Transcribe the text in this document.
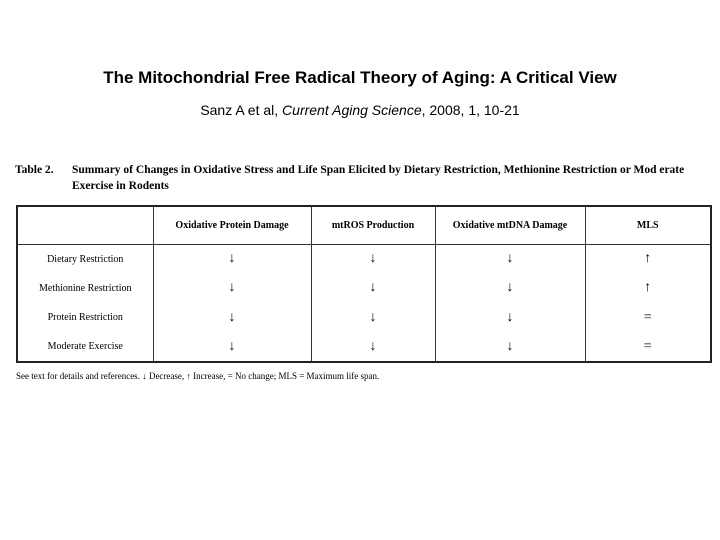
The Mitochondrial Free Radical Theory of Aging: A Critical View
Sanz A et al, Current Aging Science, 2008, 1, 10-21
Table 2. Summary of Changes in Oxidative Stress and Life Span Elicited by Dietary Restriction, Methionine Restriction or Mod erate Exercise in Rodents
	Oxidative Protein Damage	mtROS Production	Oxidative mtDNA Damage	MLS
Dietary Restriction	↓	↓	↓	↑
Methionine Restriction	↓	↓	↓	↑
Protein Restriction	↓	↓	↓	=
Moderate Exercise	↓	↓	↓	=
See text for details and references. ↓ Decrease, ↑ Increase, = No change; MLS = Maximum life span.
